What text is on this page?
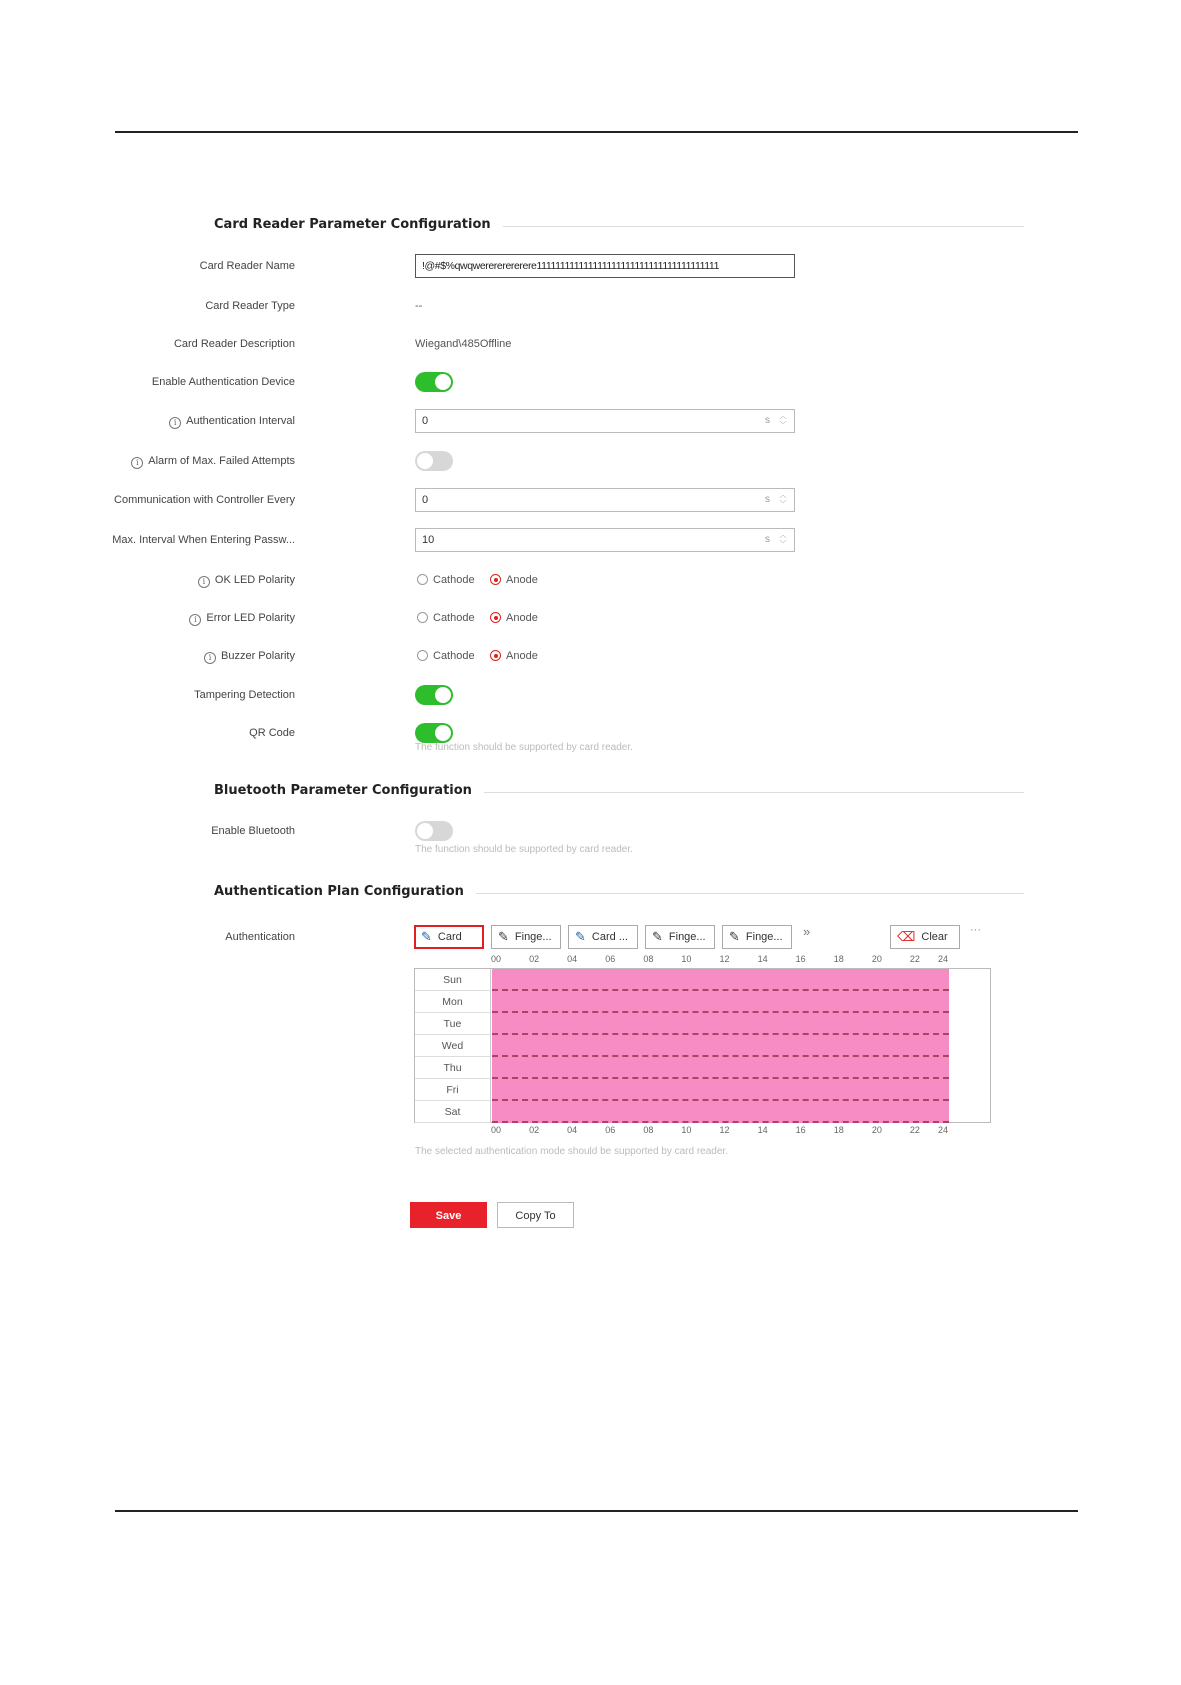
Card Reader Parameter Configuration
Card Reader Name	!@#$%qwqwerererererere111111111111111111111111111111111111111
Card Reader Type	--
Card Reader Description	Wiegand\485Offline
Enable Authentication Device
i Authentication Interval	0	s ︿
﹀
i Alarm of Max. Failed Attempts
Communication with Controller Every	0	s ︿
﹀
Max. Interval When Entering Passw...	10	s ︿
﹀
i OK LED Polarity	Cathode	Anode
i Error LED Polarity	Cathode	Anode
i Buzzer Polarity	Cathode	Anode
Tampering Detection
QR Code
The function should be supported by card reader.
Bluetooth Parameter Configuration
Enable Bluetooth
The function should be supported by card reader.
Authentication Plan Configuration
Authentication	✎ Card	✎ Finge...	✎ Card ...	✎ Finge...	✎ Finge...	»	⌫ Clear
···
00	02	04	06	08	10	12	14	16	18	20	22 24
Sun
Mon
Tue
Wed
Thu
Fri
Sat
00	02	04	06	08	10	12	14	16	18	20	22 24
The selected authentication mode should be supported by card reader.
Save	Copy To
